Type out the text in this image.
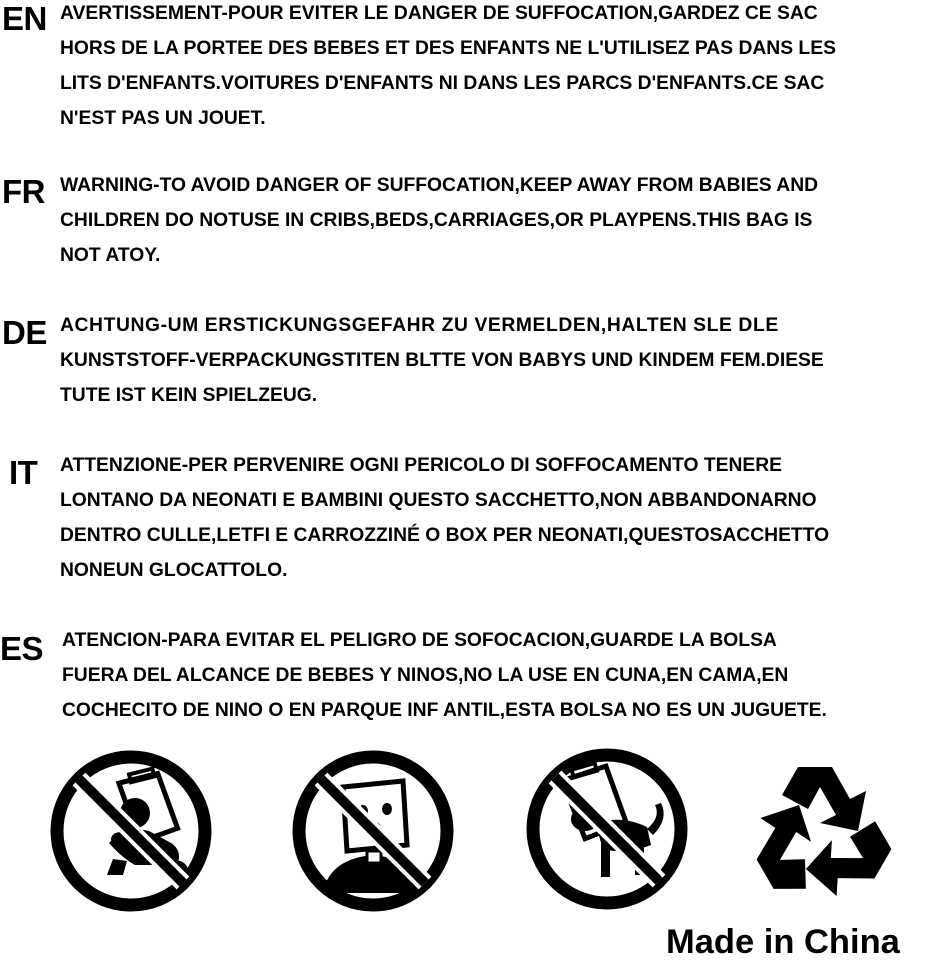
EN AVERTISSEMENT-POUR EVITER LE DANGER DE SUFFOCATION,GARDEZ CE SAC
HORS DE LA PORTEE DES BEBES ET DES ENFANTS NE L'UTILISEZ PAS DANS LES
LITS D'ENFANTS.VOITURES D'ENFANTS NI DANS LES PARCS D'ENFANTS.CE SAC
N'EST PAS UN JOUET.
FR WARNING-TO AVOID DANGER OF SUFFOCATION,KEEP AWAY FROM BABIES AND
CHILDREN DO NOTUSE IN CRIBS,BEDS,CARRIAGES,OR PLAYPENS.THIS BAG IS
NOT ATOY.
DE ACHTUNG-UM ERSTICKUNGSGEFAHR ZU VERMELDEN,HALTEN SLE DLE
KUNSTSTOFF-VERPACKUNGSTITEN BLTTE VON BABYS UND KINDEM FEM.DIESE
TUTE IST KEIN SPIELZEUG.
IT ATTENZIONE-PER PERVENIRE OGNI PERICOLO DI SOFFOCAMENTO TENERE
LONTANO DA NEONATI E BAMBINI QUESTO SACCHETTO,NON ABBANDONARNO
DENTRO CULLE,LETFI E CARROZZINÉ O BOX PER NEONATI,QUESTOSACCHETTO
NONEUN GLOCATTOLO.
ES ATENCION-PARA EVITAR EL PELIGRO DE SOFOCACION,GUARDE LA BOLSA
FUERA DEL ALCANCE DE BEBES Y NINOS,NO LA USE EN CUNA,EN CAMA,EN
COCHECITO DE NINO O EN PARQUE INF ANTIL,ESTA BOLSA NO ES UN JUGUETE.
Made in China
